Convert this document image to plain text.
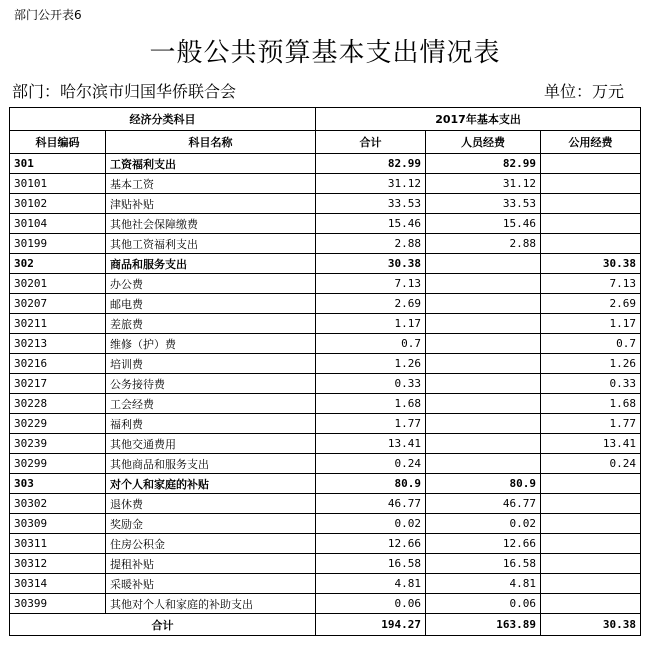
部门公开表6
一般公共预算基本支出情况表
部门：哈尔滨市归国华侨联合会	单位：万元
经济分类科目		2017年基本支出		
科目编码	科目名称	合计	人员经费	公用经费
301	工资福利支出	82.99	82.99	
30101	基本工资	31.12	31.12	
30102	津贴补贴	33.53	33.53	
30104	其他社会保障缴费	15.46	15.46	
30199	其他工资福利支出	2.88	2.88	
302	商品和服务支出	30.38		30.38
30201	办公费	7.13		7.13
30207	邮电费	2.69		2.69
30211	差旅费	1.17		1.17
30213	维修（护）费	0.7		0.7
30216	培训费	1.26		1.26
30217	公务接待费	0.33		0.33
30228	工会经费	1.68		1.68
30229	福利费	1.77		1.77
30239	其他交通费用	13.41		13.41
30299	其他商品和服务支出	0.24		0.24
303	对个人和家庭的补贴	80.9	80.9	
30302	退休费	46.77	46.77	
30309	奖励金	0.02	0.02	
30311	住房公积金	12.66	12.66	
30312	提租补贴	16.58	16.58	
30314	采暖补贴	4.81	4.81	
30399	其他对个人和家庭的补助支出	0.06	0.06	
合计		194.27	163.89	30.38
